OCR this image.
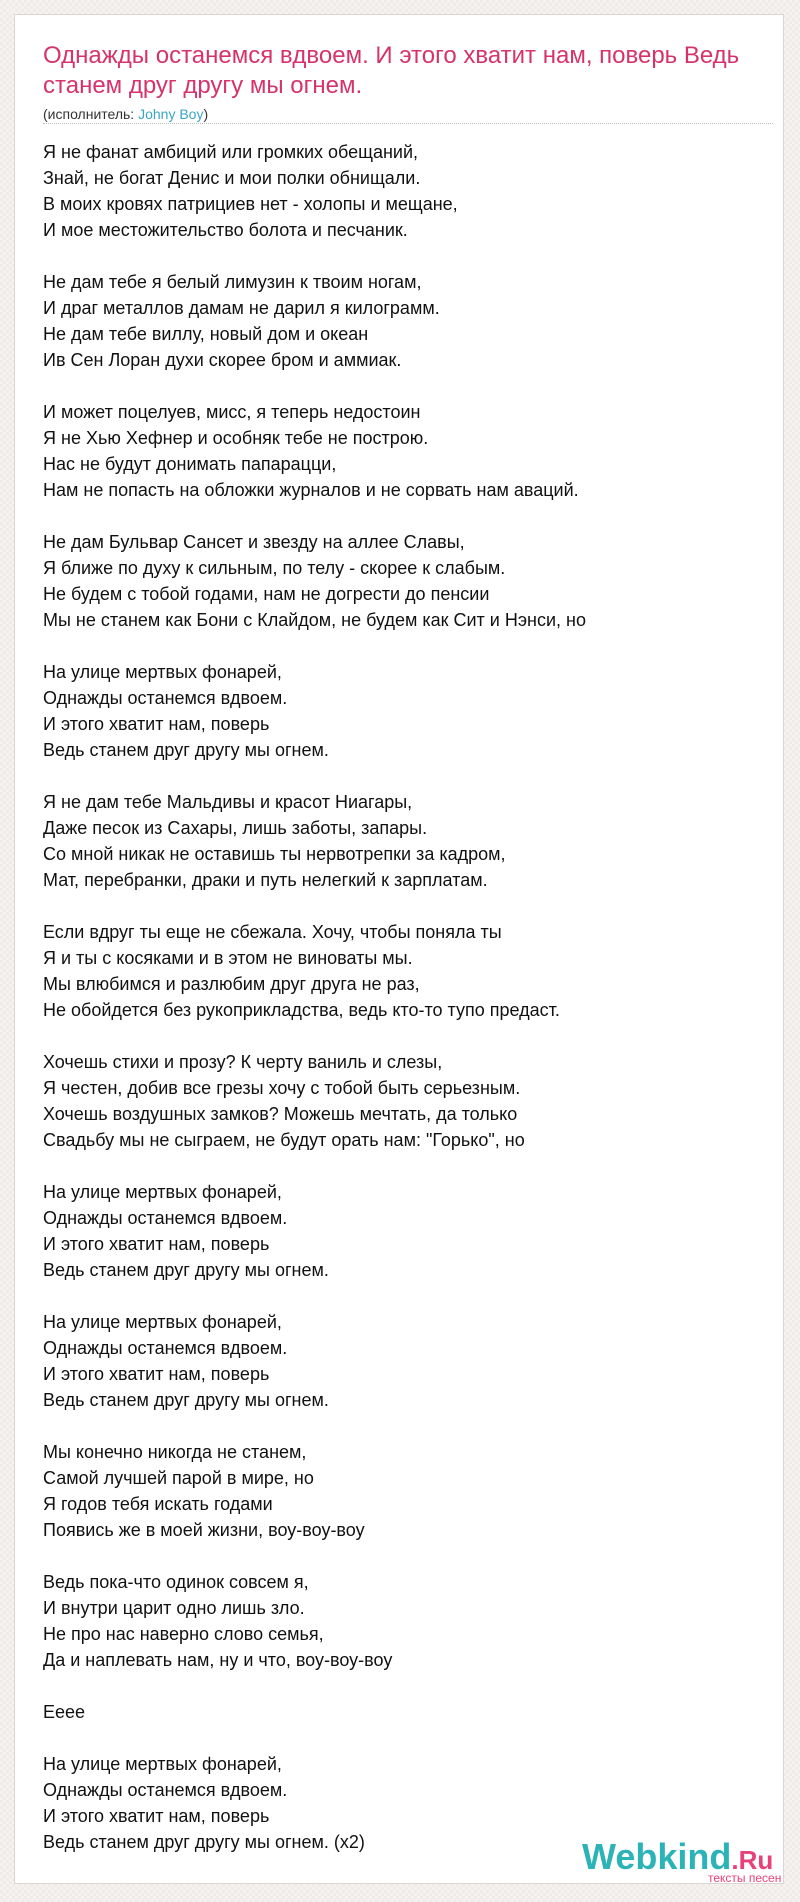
Однажды останемся вдвоем. И этого хватит нам, поверь Ведь станем друг другу мы огнем.
(исполнитель: Johny Boy)
Я не фанат амбиций или громких обещаний,
Знай, не богат Денис и мои полки обнищали.
В моих кровях патрициев нет - холопы и мещане,
И мое местожительство болота и песчаник.
Не дам тебе я белый лимузин к твоим ногам,
И драг металлов дамам не дарил я килограмм.
Не дам тебе виллу, новый дом и океан
Ив Сен Лоран духи скорее бром и аммиак.
И может поцелуев, мисс, я теперь недостоин
Я не Хью Хефнер и особняк тебе не построю.
Нас не будут донимать папарацци,
Нам не попасть на обложки журналов и не сорвать нам аваций.
Не дам Бульвар Сансет и звезду на аллее Славы,
Я ближе по духу к сильным, по телу - скорее к слабым.
Не будем с тобой годами, нам не догрести до пенсии
Мы не станем как Бони с Клайдом, не будем как Сит и Нэнси, но
На улице мертвых фонарей,
Однажды останемся вдвоем.
И этого хватит нам, поверь
Ведь станем друг другу мы огнем.
Я не дам тебе Мальдивы и красот Ниагары,
Даже песок из Сахары, лишь заботы, запары.
Со мной никак не оставишь ты нервотрепки за кадром,
Мат, перебранки, драки и путь нелегкий к зарплатам.
Если вдруг ты еще не сбежала. Хочу, чтобы поняла ты
Я и ты с косяками и в этом не виноваты мы.
Мы влюбимся и разлюбим друг друга не раз,
Не обойдется без рукоприкладства, ведь кто-то тупо предаст.
Хочешь стихи и прозу? К черту ваниль и слезы,
Я честен, добив все грезы хочу с тобой быть серьезным.
Хочешь воздушных замков? Можешь мечтать, да только
Свадьбу мы не сыграем, не будут орать нам: "Горько", но
На улице мертвых фонарей,
Однажды останемся вдвоем.
И этого хватит нам, поверь
Ведь станем друг другу мы огнем.
На улице мертвых фонарей,
Однажды останемся вдвоем.
И этого хватит нам, поверь
Ведь станем друг другу мы огнем.
Мы конечно никогда не станем,
Самой лучшей парой в мире, но
Я годов тебя искать годами
Появись же в моей жизни, воу-воу-воу
Ведь пока-что одинок совсем я,
И внутри царит одно лишь зло.
Не про нас наверно слово семья,
Да и наплевать нам, ну и что, воу-воу-воу
Ееее
На улице мертвых фонарей,
Однажды останемся вдвоем.
И этого хватит нам, поверь
Ведь станем друг другу мы огнем. (x2)	Webkind.Ru
тексты песен
